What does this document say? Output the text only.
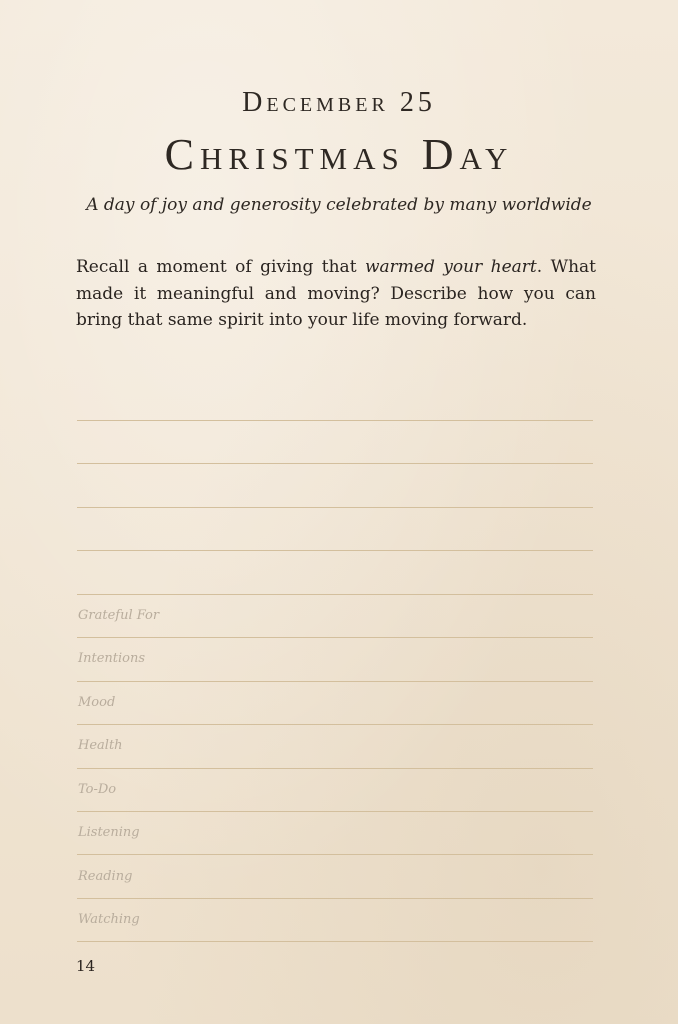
December 25
Christmas Day
A day of joy and generosity celebrated by many worldwide
Recall a moment of giving that warmed your heart. What made it meaningful and moving? Describe how you can bring that same spirit into your life moving forward.
Grateful For
Intentions
Mood
Health
To-Do
Listening
Reading
Watching
14
